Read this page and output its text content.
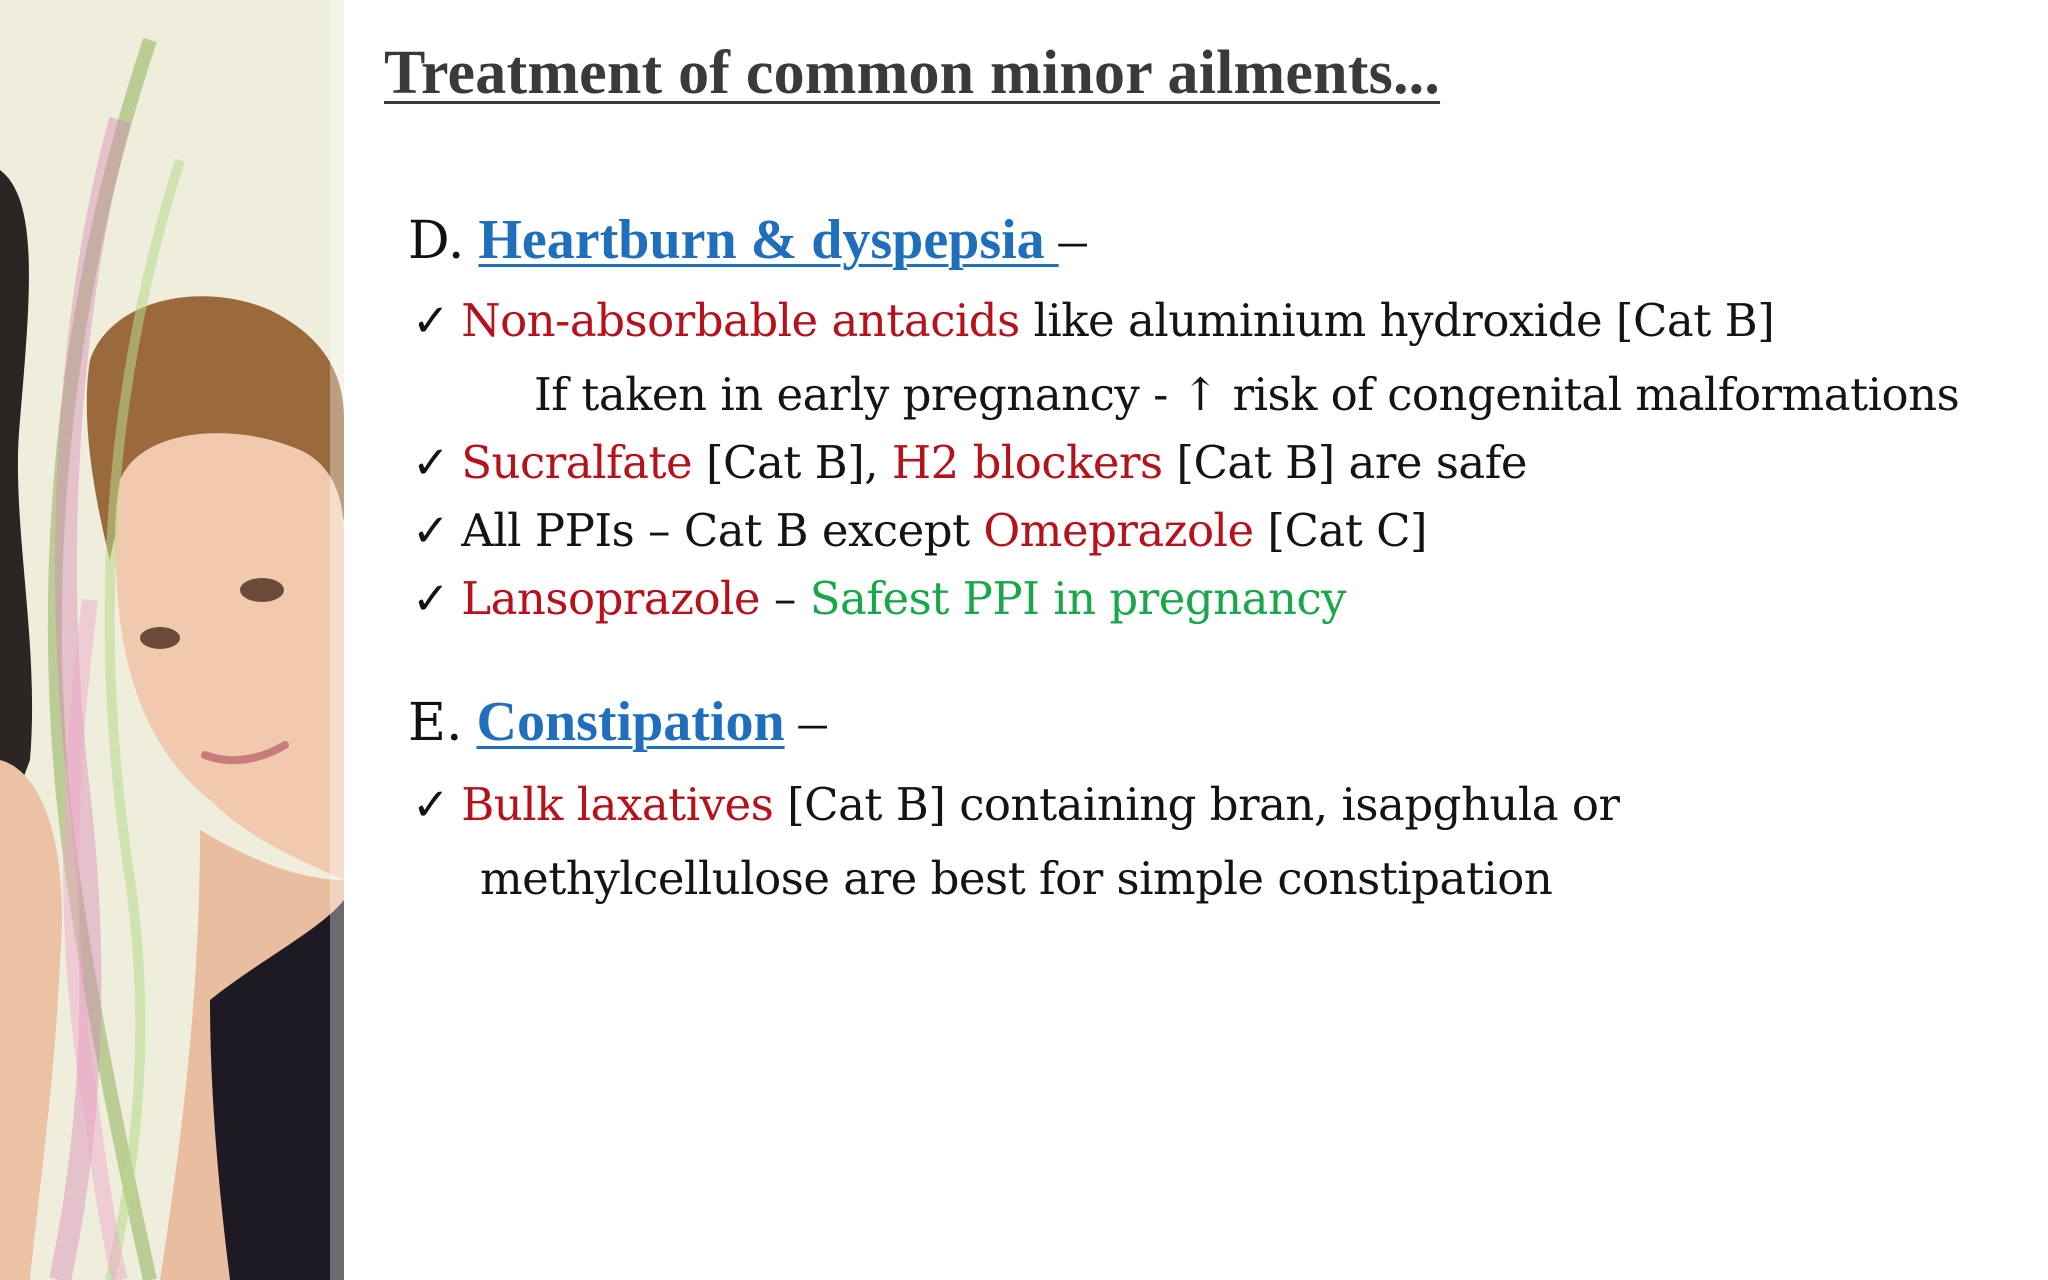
Treatment of common minor ailments...
D. Heartburn & dyspepsia –
✓ Non-absorbable antacids like aluminium hydroxide [Cat B]
If taken in early pregnancy - ↑ risk of congenital malformations
✓ Sucralfate [Cat B], H2 blockers [Cat B] are safe
✓ All PPIs – Cat B except Omeprazole [Cat C]
✓ Lansoprazole – Safest PPI in pregnancy
E. Constipation –
✓ Bulk laxatives [Cat B] containing bran, isapghula or
methylcellulose are best for simple constipation
